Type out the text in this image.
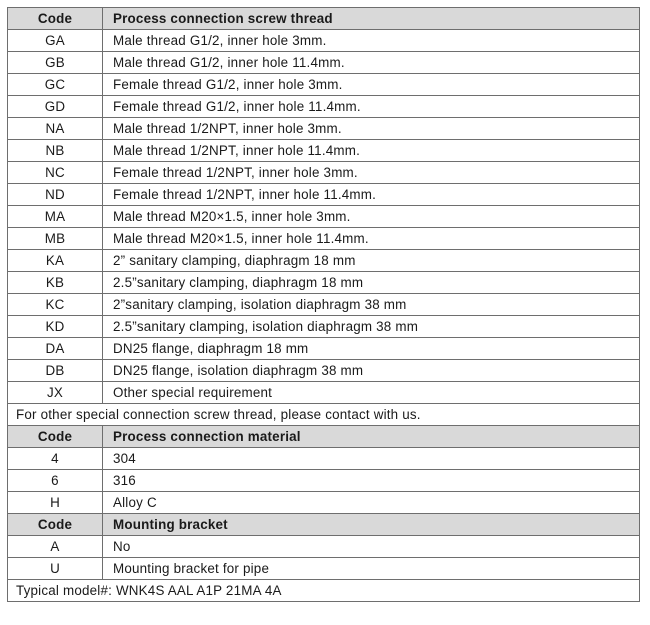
Code	Process connection screw thread
GA	Male thread G1/2, inner hole 3mm.
GB	Male thread G1/2, inner hole 11.4mm.
GC	Female thread G1/2, inner hole 3mm.
GD	Female thread G1/2, inner hole 11.4mm.
NA	Male thread 1/2NPT, inner hole 3mm.
NB	Male thread 1/2NPT, inner hole 11.4mm.
NC	Female thread 1/2NPT, inner hole 3mm.
ND	Female thread 1/2NPT, inner hole 11.4mm.
MA	Male thread M20×1.5, inner hole 3mm.
MB	Male thread M20×1.5, inner hole 11.4mm.
KA	2” sanitary clamping, diaphragm 18 mm
KB	2.5”sanitary clamping, diaphragm 18 mm
KC	2”sanitary clamping, isolation diaphragm 38 mm
KD	2.5”sanitary clamping, isolation diaphragm 38 mm
DA	DN25 flange, diaphragm 18 mm
DB	DN25 flange, isolation diaphragm 38 mm
JX	Other special requirement
For other special connection screw thread, please contact with us.	
Code	Process connection material
4	304
6	316
H	Alloy C
Code	Mounting bracket
A	No
U	Mounting bracket for pipe
Typical model#: WNK4S AAL A1P 21MA 4A	
